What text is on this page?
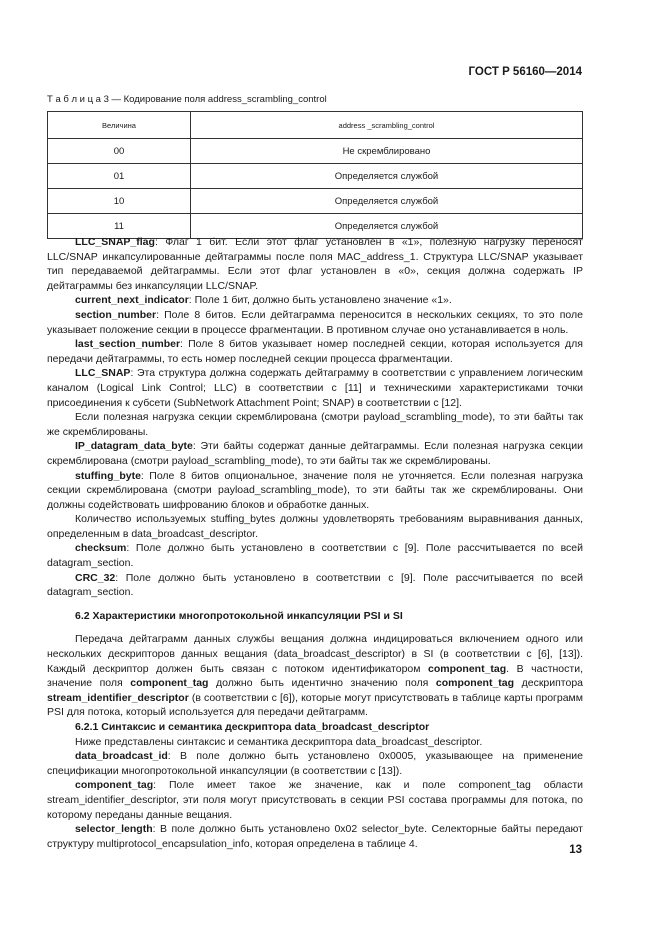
ГОСТ Р 56160—2014
Т а б л и ц а 3 — Кодирование поля address_scrambling_control
Величина	address _scrambling_control
00	Не скремблировано
01	Определяется службой
10	Определяется службой
11	Определяется службой

LLC_SNAP_flag: Флаг 1 бит. Если этот флаг установлен в «1», полезную нагрузку переносят LLC/SNAP инкапсулированные дейтаграммы после поля MAC_address_1. Структура LLC/SNAP указывает тип передаваемой дейтаграммы. Если этот флаг установлен в «0», секция должна содержать IP дейтаграммы без инкапсуляции LLC/SNAP.

current_next_indicator: Поле 1 бит, должно быть установлено значение «1».

section_number: Поле 8 битов. Если дейтаграмма переносится в нескольких секциях, то это поле указывает положение секции в процессе фрагментации. В противном случае оно устанавливается в ноль.

last_section_number: Поле 8 битов указывает номер последней секции, которая используется для передачи дейтаграммы, то есть номер последней секции процесса фрагментации.

LLC_SNAP: Эта структура должна содержать дейтаграмму в соответствии с управлением логическим каналом (Logical Link Control; LLC) в соответствии с [11] и техническими характеристиками точки присоединения к субсети (SubNetwork Attachment Point; SNAP) в соответствии с [12].

Если полезная нагрузка секции скремблирована (смотри payload_scrambling_mode), то эти байты так же скремблированы.

IP_datagram_data_byte: Эти байты содержат данные дейтаграммы. Если полезная нагрузка секции скремблирована (смотри payload_scrambling_mode), то эти байты так же скремблированы.

stuffing_byte: Поле 8 битов опциональное, значение поля не уточняется. Если полезная нагрузка секции скремблирована (смотри payload_scrambling_mode), то эти байты так же скремблированы. Они должны содействовать шифрованию блоков и обработке данных.

Количество используемых stuffing_bytes должны удовлетворять требованиям выравнивания данных, определенным в data_broadcast_descriptor.

checksum: Поле должно быть установлено в соответствии с [9]. Поле рассчитывается по всей datagram_section.

CRC_32: Поле должно быть установлено в соответствии с [9]. Поле рассчитывается по всей datagram_section.

6.2 Характеристики многопротокольной инкапсуляции PSI и SI

Передача дейтаграмм данных службы вещания должна индицироваться включением одного или нескольких дескрипторов данных вещания (data_broadcast_descriptor) в SI (в соответствии с [6], [13]). Каждый дескриптор должен быть связан с потоком идентификатором component_tag. В частности, значение поля component_tag должно быть идентично значению поля component_tag дескриптора stream_identifier_descriptor (в соответствии с [6]), которые могут присутствовать в таблице карты программ PSI для потока, который используется для передачи дейтаграмм.

6.2.1 Синтаксис и семантика дескриптора data_broadcast_descriptor

Ниже представлены синтаксис и семантика дескриптора data_broadcast_descriptor.

data_broadcast_id: В поле должно быть установлено 0x0005, указывающее на применение спецификации многопротокольной инкапсуляции (в соответствии с [13]).

component_tag: Поле имеет такое же значение, как и поле component_tag области stream_identifier_descriptor, эти поля могут присутствовать в секции PSI состава программы для потока, по которому переданы данные вещания.

selector_length: В поле должно быть установлено 0x02 selector_byte. Селекторные байты передают структуру multiprotocol_encapsulation_info, которая определена в таблице 4.

13
